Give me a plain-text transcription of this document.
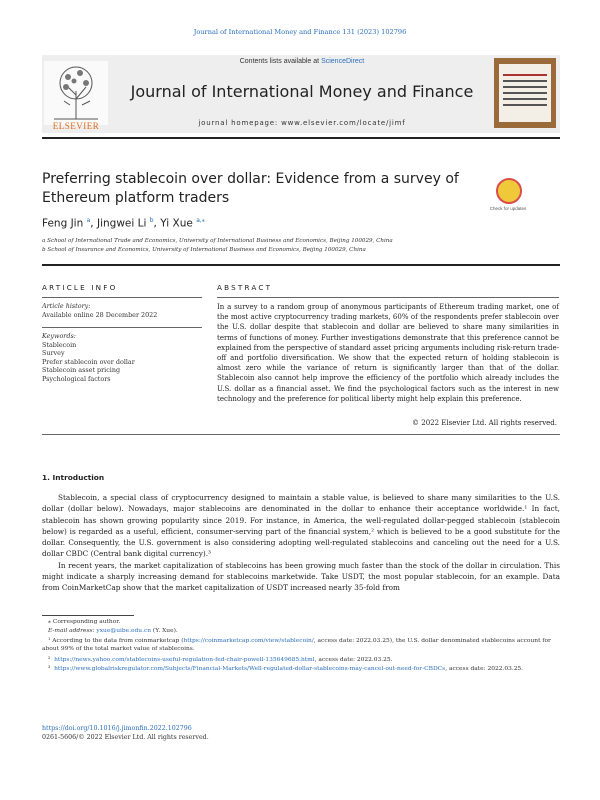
Journal of International Money and Finance 131 (2023) 102796
ELSEVIER
Contents lists available at ScienceDirect
Journal of International Money and Finance
journal homepage: www.elsevier.com/locate/jimf
Preferring stablecoin over dollar: Evidence from a survey of Ethereum platform traders
Check for updates
Feng Jin $^a$, Jingwei Li $^b$, Yi Xue $^{a,⁎}$
a School of International Trade and Economics, University of International Business and Economics, Beijing 100029, China
b School of Insurance and Economics, University of International Business and Economics, Beijing 100029, China
ARTICLE INFO
Article history:
Available online 28 December 2022
Keywords:
Stablecoin
Survey
Prefer stablecoin over dollar
Stablecoin asset pricing
Psychological factors
ABSTRACT
In a survey to a random group of anonymous participants of Ethereum trading market, one of the most active cryptocurrency trading markets, 60% of the respondents prefer stablecoin over the U.S. dollar despite that stablecoin and dollar are believed to share many similarities in terms of functions of money. Further investigations demonstrate that this preference cannot be explained from the perspective of standard asset pricing arguments including risk-return trade-off and portfolio diversification. We show that the expected return of holding stablecoin is almost zero while the variance of return is significantly larger than that of the dollar. Stablecoin also cannot help improve the efficiency of the portfolio which already includes the U.S. dollar as a financial asset. We find the psychological factors such as the interest in new technology and the preference for political liberty might help explain this preference.
© 2022 Elsevier Ltd. All rights reserved.
1. Introduction

Stablecoin, a special class of cryptocurrency designed to maintain a stable value, is believed to share many similarities to the U.S. dollar (dollar below). Nowadays, major stablecoins are denominated in the dollar to enhance their acceptance worldwide.¹ In fact, stablecoin has shown growing popularity since 2019. For instance, in America, the well-regulated dollar-pegged stablecoin (stablecoin below) is regarded as a useful, efficient, consumer-serving part of the financial system,² which is believed to be a good substitute for the dollar. Consequently, the U.S. government is also considering adopting well-regulated stablecoins and canceling out the need for a U.S. dollar CBDC (Central bank digital currency).³

In recent years, the market capitalization of stablecoins has been growing much faster than the stock of the dollar in circulation. This might indicate a sharply increasing demand for stablecoins marketwide. Take USDT, the most popular stablecoin, for an example. Data from CoinMarketCap show that the market capitalization of USDT increased nearly 35-fold from

⁎ Corresponding author.
E-mail address: yxue@uibe.edu.cn (Y. Xue).
¹ According to the data from coinmarketcap (https://coinmarketcap.com/view/stablecoin/, access date: 2022.03.25), the U.S. dollar denominated stablecoins account for about 99% of the total market value of stablecoins.
²  https://news.yahoo.com/stablecoins-useful-regulation-fed-chair-powell-135649685.html, access date: 2022.03.25.
³  https://www.globalriskregulator.com/Subjects/Financial-Markets/Well-regulated-dollar-stablecoins-may-cancel-out-need-for-CBDCs, access date: 2022.03.25.
https://doi.org/10.1016/j.jimonfin.2022.102796
0261-5606/© 2022 Elsevier Ltd. All rights reserved.
